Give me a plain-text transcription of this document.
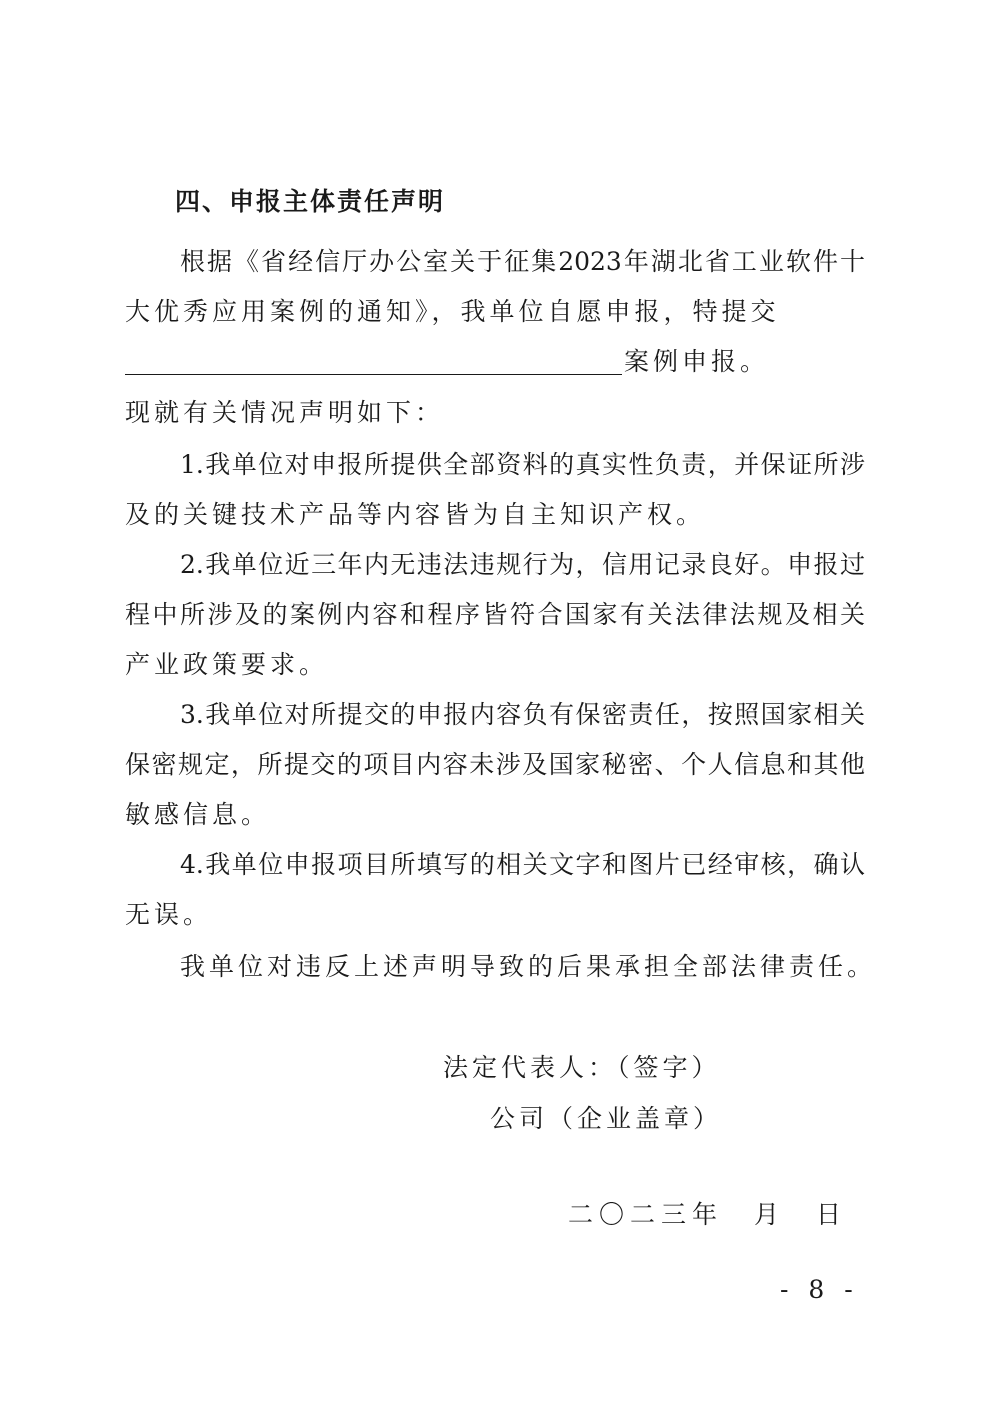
四、申报主体责任声明
根据《省经信厅办公室关于征集2023年湖北省工业软件十
大优秀应用案例的通知》，我单位自愿申报，特提交
案例申报。
现就有关情况声明如下：
1.我单位对申报所提供全部资料的真实性负责，并保证所涉
及的关键技术产品等内容皆为自主知识产权。
2.我单位近三年内无违法违规行为，信用记录良好。申报过
程中所涉及的案例内容和程序皆符合国家有关法律法规及相关
产业政策要求。
3.我单位对所提交的申报内容负有保密责任，按照国家相关
保密规定，所提交的项目内容未涉及国家秘密、个人信息和其他
敏感信息。
4.我单位申报项目所填写的相关文字和图片已经审核，确认
无误。
我单位对违反上述声明导致的后果承担全部法律责任。
法定代表人：（签字）
公司（企业盖章）
二〇二三年　月　日
- 8 -
